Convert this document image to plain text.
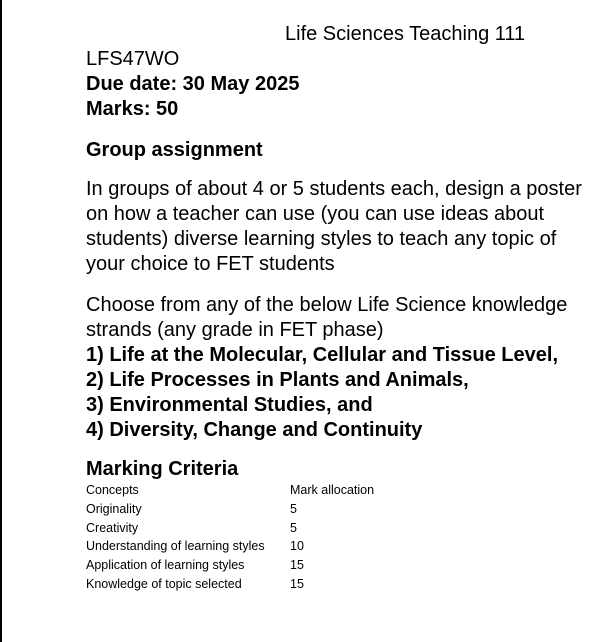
Life Sciences Teaching 111
LFS47WO
Due date: 30 May 2025
Marks: 50
Group assignment
In groups of about 4 or 5 students each, design a poster
on how a teacher can use (you can use ideas about
students) diverse learning styles to teach any topic of
your choice to FET students
Choose from any of the below Life Science knowledge
strands (any grade in FET phase)
1) Life at the Molecular, Cellular and Tissue Level,
2) Life Processes in Plants and Animals,
3) Environmental Studies, and
4) Diversity, Change and Continuity
Marking Criteria
Concepts	Mark allocation
Originality	5
Creativity	5
Understanding of learning styles	10
Application of learning styles	15
Knowledge of topic selected	15
